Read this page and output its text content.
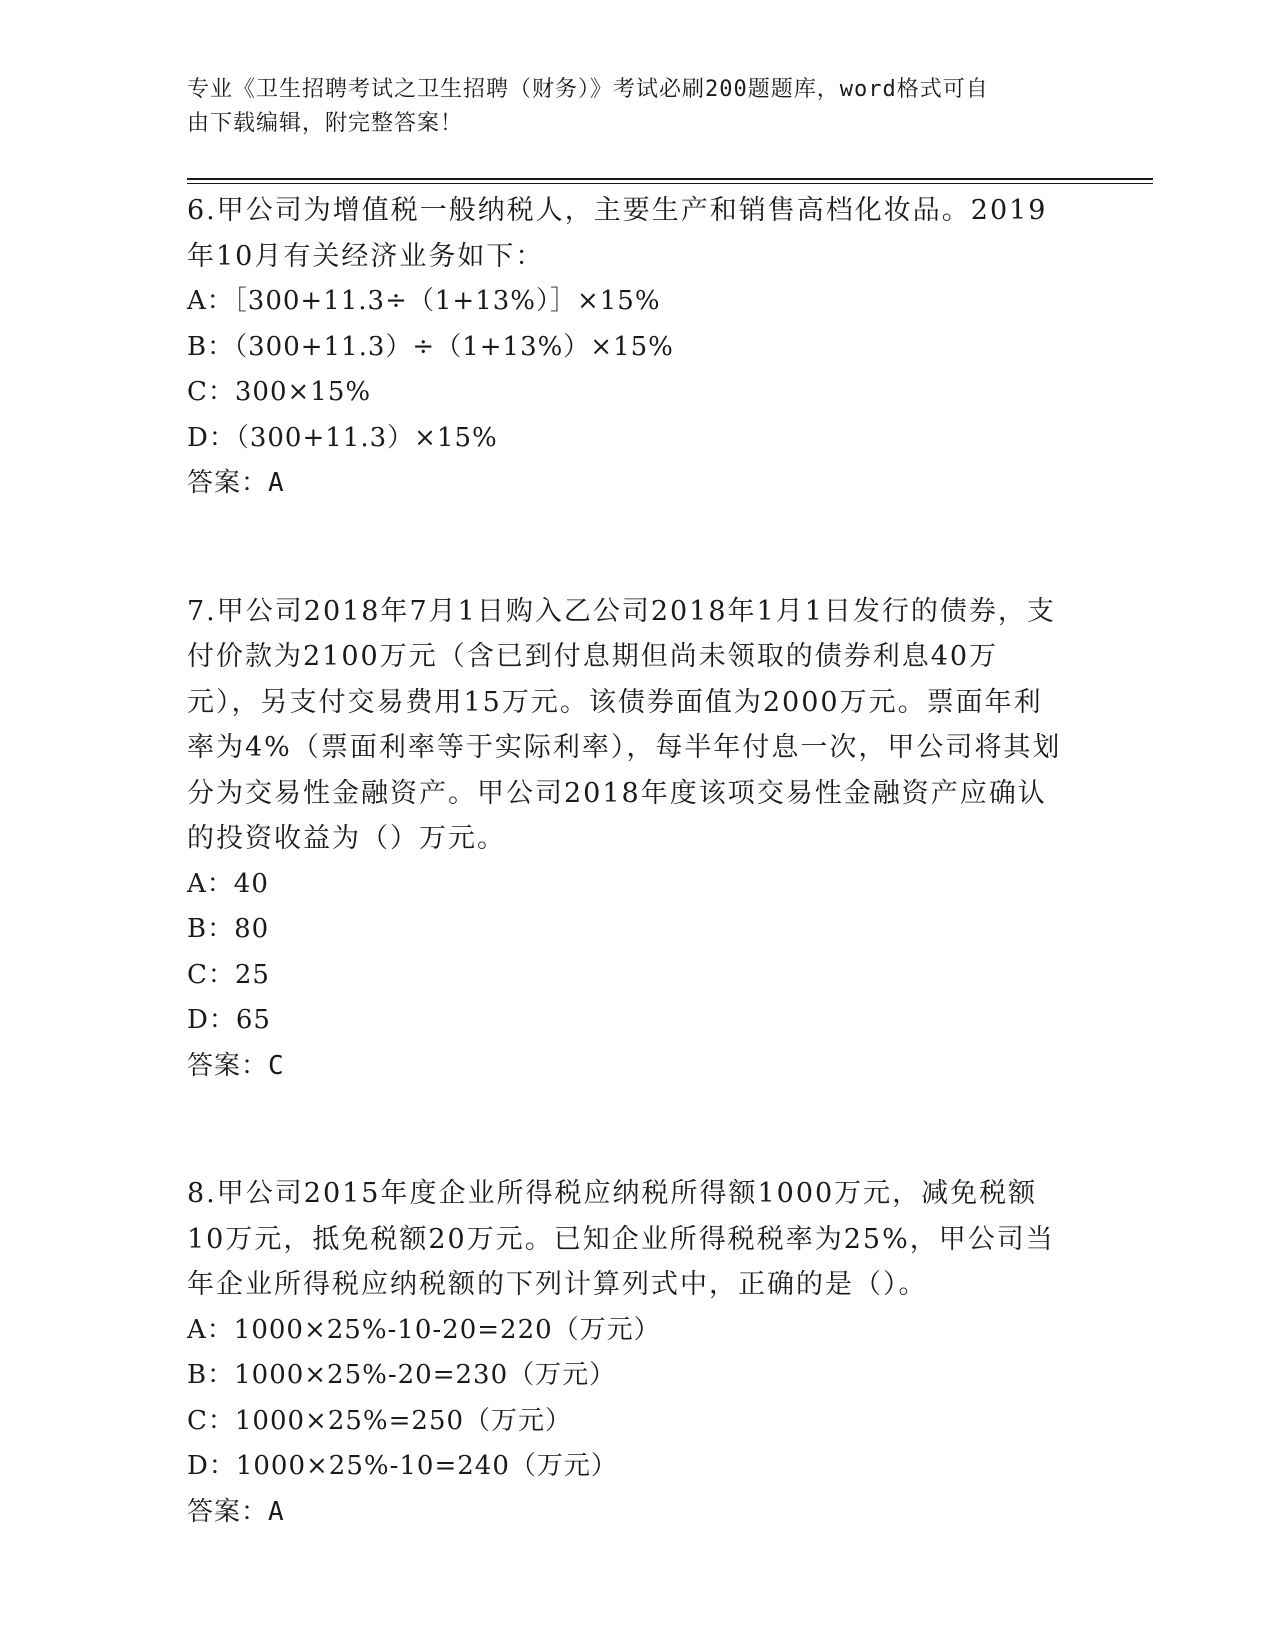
专业《卫生招聘考试之卫生招聘（财务）》考试必刷200题题库，word格式可自
由下载编辑，附完整答案！

6.甲公司为增值税一般纳税人，主要生产和销售高档化妆品。2019年10月有关经济业务如下：

A：［300+11.3÷（1+13%）］×15%

B：（300+11.3）÷（1+13%）×15%

C：300×15%

D：（300+11.3）×15%

答案：A

7.甲公司2018年7月1日购入乙公司2018年1月1日发行的债券，支付价款为2100万元（含已到付息期但尚未领取的债券利息40万元），另支付交易费用15万元。该债券面值为2000万元。票面年利率为4%（票面利率等于实际利率），每半年付息一次，甲公司将其划分为交易性金融资产。甲公司2018年度该项交易性金融资产应确认的投资收益为（）万元。

A：40

B：80

C：25

D：65

答案：C

8.甲公司2015年度企业所得税应纳税所得额1000万元，减免税额10万元，抵免税额20万元。已知企业所得税税率为25%，甲公司当年企业所得税应纳税额的下列计算列式中，正确的是（）。

A：1000×25%-10-20=220（万元）

B：1000×25%-20=230（万元）

C：1000×25%=250（万元）

D：1000×25%-10=240（万元）

答案：A
